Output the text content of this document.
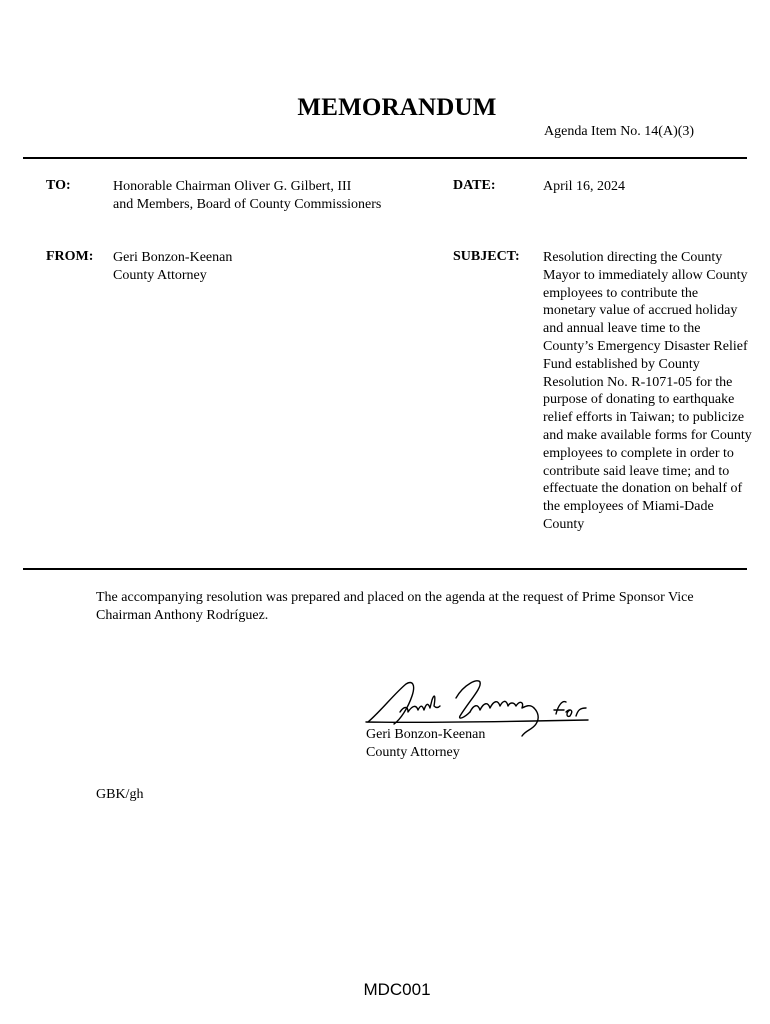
MEMORANDUM
Agenda Item No. 14(A)(3)
TO:	Honorable Chairman Oliver G. Gilbert, III
and Members, Board of County Commissioners
DATE:	April 16, 2024
FROM: Geri Bonzon-Keenan
County Attorney
SUBJECT: Resolution directing the County Mayor to immediately allow County employees to contribute the monetary value of accrued holiday and annual leave time to the County’s Emergency Disaster Relief Fund established by County Resolution No. R-1071-05 for the purpose of donating to earthquake relief efforts in Taiwan; to publicize and make available forms for County employees to complete in order to contribute said leave time; and to effectuate the donation on behalf of the employees of Miami-Dade County
The accompanying resolution was prepared and placed on the agenda at the request of Prime Sponsor Vice Chairman Anthony Rodríguez.
Geri Bonzon-Keenan
County Attorney
GBK/gh
MDC001
